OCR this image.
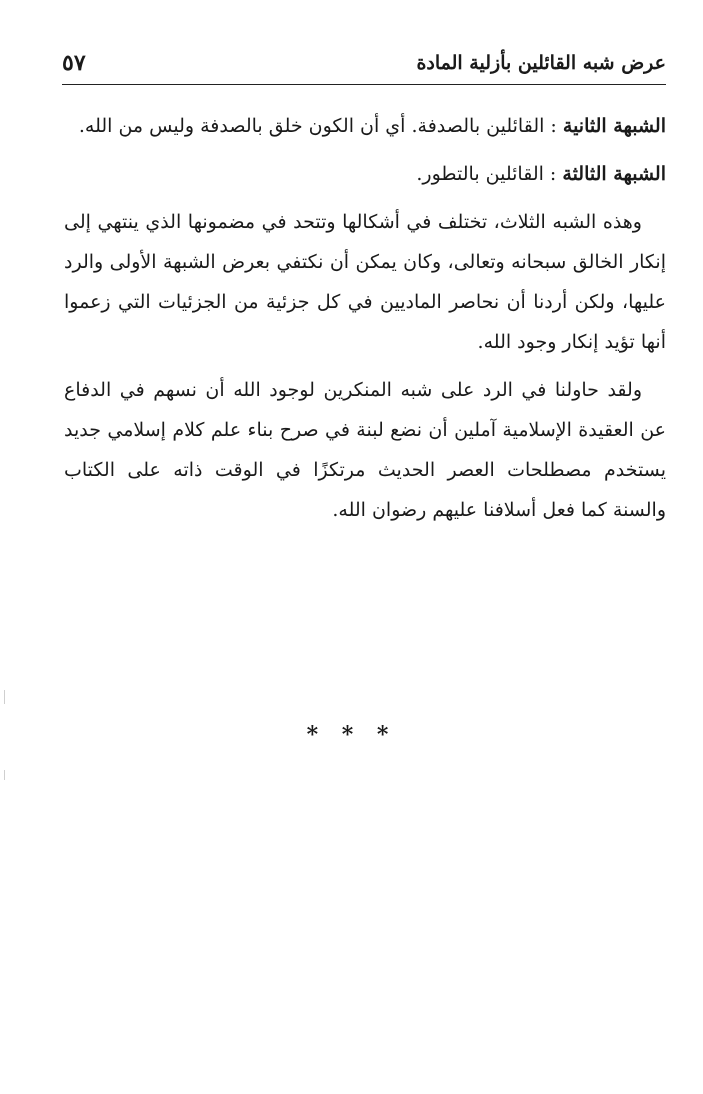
عرض شبه القائلين بأزلية المادة
٥٧

الشبهة الثانية : القائلين بالصدفة. أي أن الكون خلق بالصدفة وليس من الله.

الشبهة الثالثة : القائلين بالتطور.

وهذه الشبه الثلاث، تختلف في أشكالها وتتحد في مضمونها الذي ينتهي إلى إنكار الخالق سبحانه وتعالى، وكان يمكن أن نكتفي بعرض الشبهة الأولى والرد عليها، ولكن أردنا أن نحاصر الماديين في كل جزئية من الجزئيات التي زعموا أنها تؤيد إنكار وجود الله.

ولقد حاولنا في الرد على شبه المنكرين لوجود الله أن نسهم في الدفاع عن العقيدة الإسلامية آملين أن نضع لبنة في صرح بناء علم كلام إسلامي جديد يستخدم مصطلحات العصر الحديث مرتكزًا في الوقت ذاته على الكتاب والسنة كما فعل أسلافنا عليهم رضوان الله.

* * *
